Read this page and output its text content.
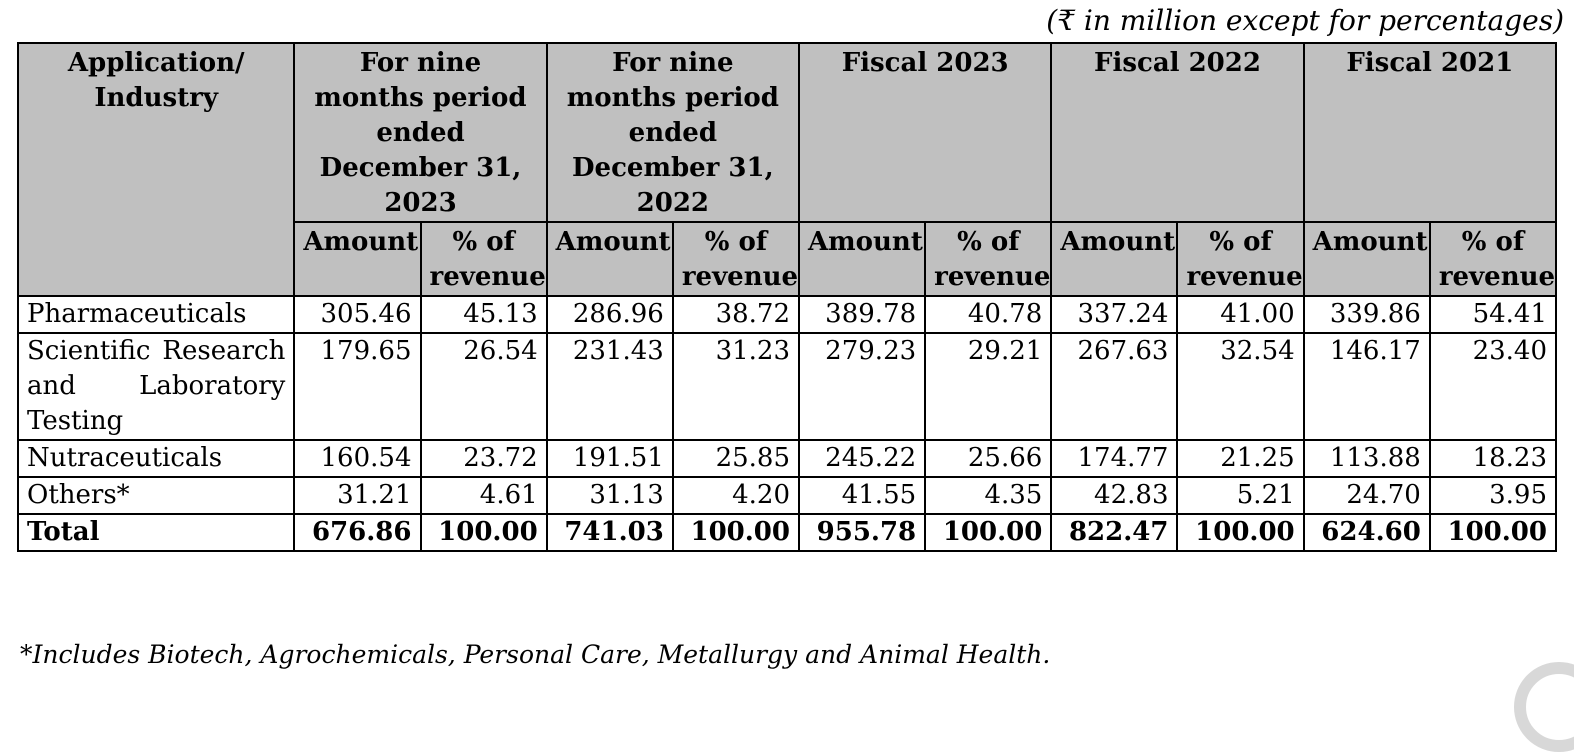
(₹ in million except for percentages)
Application/ Industry	For nine months period ended December 31, 2023		For nine months period ended December 31, 2022		Fiscal 2023		Fiscal 2022		Fiscal 2021	
	Amount	% of revenue	Amount	% of revenue	Amount	% of revenue	Amount	% of revenue	Amount	% of revenue
Pharmaceuticals	305.46	45.13	286.96	38.72	389.78	40.78	337.24	41.00	339.86	54.41
Scientific Research and Laboratory Testing	179.65	26.54	231.43	31.23	279.23	29.21	267.63	32.54	146.17	23.40
Nutraceuticals	160.54	23.72	191.51	25.85	245.22	25.66	174.77	21.25	113.88	18.23
Others*	31.21	4.61	31.13	4.20	41.55	4.35	42.83	5.21	24.70	3.95
Total	676.86	100.00	741.03	100.00	955.78	100.00	822.47	100.00	624.60	100.00
*Includes Biotech, Agrochemicals, Personal Care, Metallurgy and Animal Health.
